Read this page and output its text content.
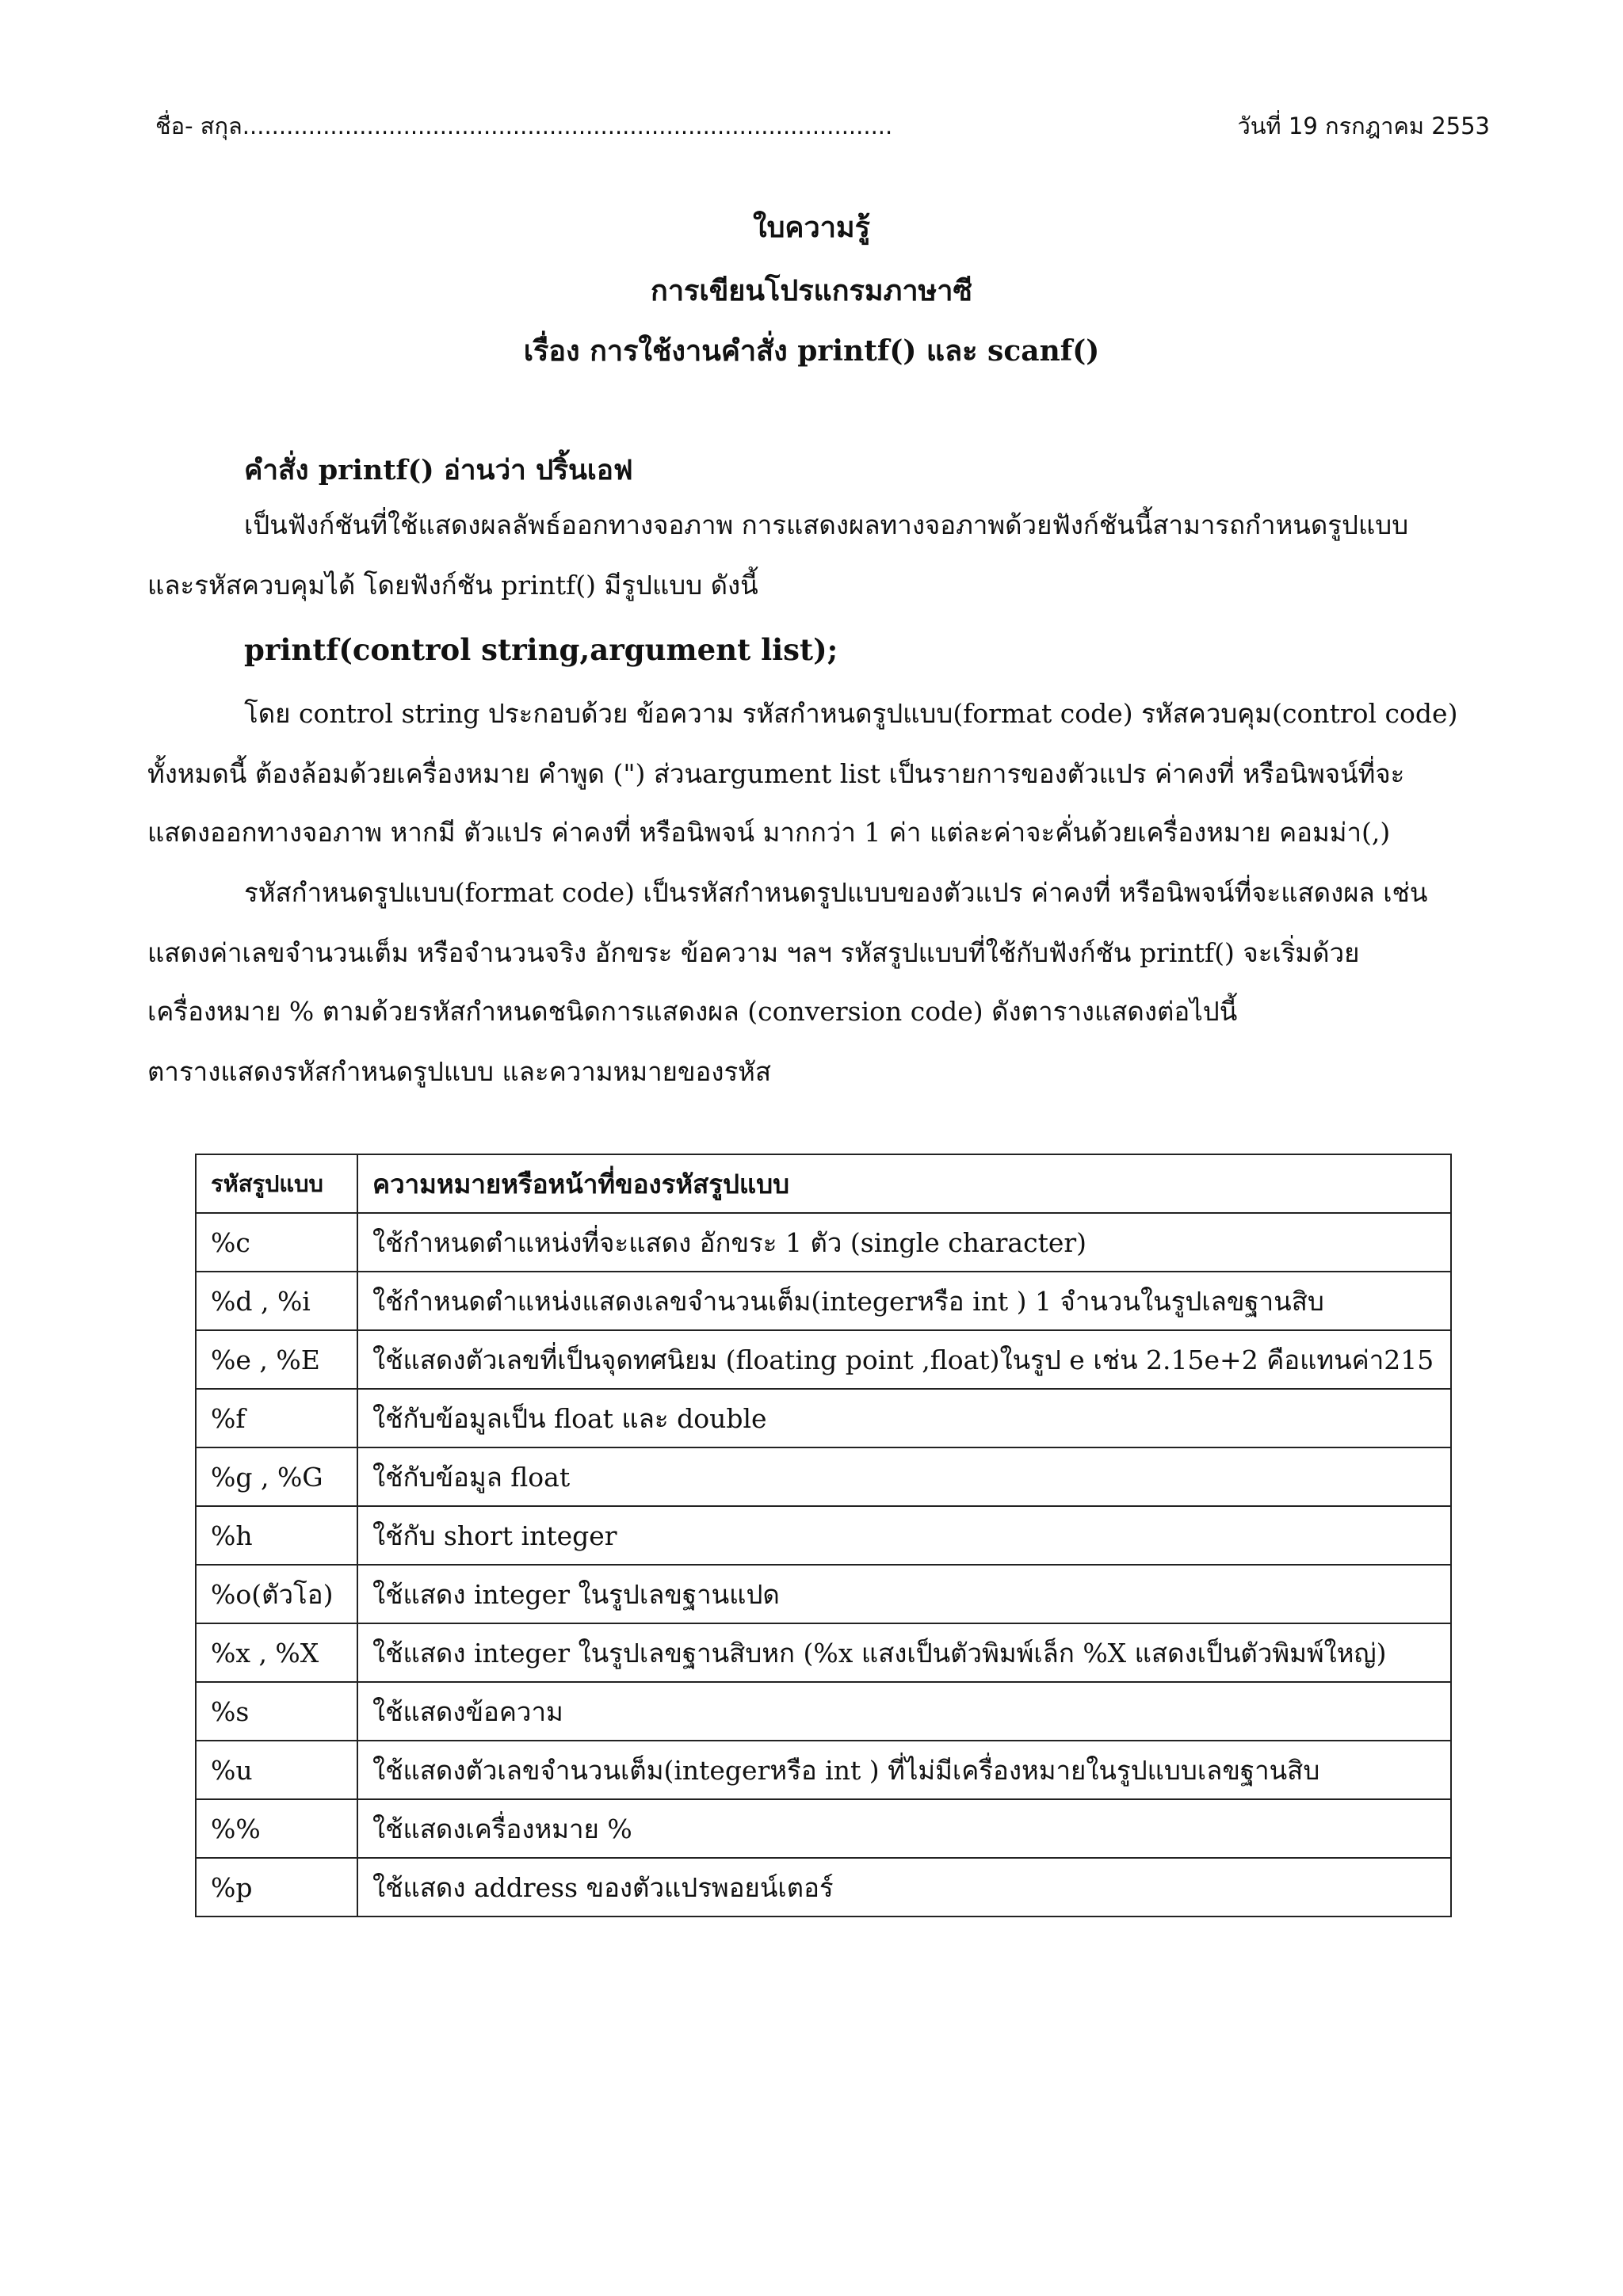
ชื่อ- สกุล.........................................................................................	วันที่ 19 กรกฎาคม 2553
ใบความรู้
การเขียนโปรแกรมภาษาซี
เรื่อง การใช้งานคำสั่ง printf() และ scanf()
คำสั่ง printf() อ่านว่า ปริ้นเอฟ
เป็นฟังก์ชันที่ใช้แสดงผลลัพธ์ออกทางจอภาพ การแสดงผลทางจอภาพด้วยฟังก์ชันนี้สามารถกำหนดรูปแบบ
และรหัสควบคุมได้ โดยฟังก์ชัน printf() มีรูปแบบ ดังนี้
printf(control string,argument list);
โดย control string ประกอบด้วย ข้อความ รหัสกำหนดรูปแบบ(format code) รหัสควบคุม(control code)
ทั้งหมดนี้ ต้องล้อมด้วยเครื่องหมาย คำพูด (") ส่วนargument list เป็นรายการของตัวแปร ค่าคงที่ หรือนิพจน์ที่จะ
แสดงออกทางจอภาพ หากมี ตัวแปร ค่าคงที่ หรือนิพจน์ มากกว่า 1 ค่า แต่ละค่าจะคั่นด้วยเครื่องหมาย คอมม่า(,)
รหัสกำหนดรูปแบบ(format code) เป็นรหัสกำหนดรูปแบบของตัวแปร ค่าคงที่ หรือนิพจน์ที่จะแสดงผล เช่น
แสดงค่าเลขจำนวนเต็ม หรือจำนวนจริง อักขระ ข้อความ ฯลฯ รหัสรูปแบบที่ใช้กับฟังก์ชัน printf() จะเริ่มด้วย
เครื่องหมาย % ตามด้วยรหัสกำหนดชนิดการแสดงผล (conversion code) ดังตารางแสดงต่อไปนี้
ตารางแสดงรหัสกำหนดรูปแบบ และความหมายของรหัส
รหัสรูปแบบ	ความหมายหรือหน้าที่ของรหัสรูปแบบ
%c	ใช้กำหนดตำแหน่งที่จะแสดง อักขระ 1 ตัว (single character)
%d , %i	ใช้กำหนดตำแหน่งแสดงเลขจำนวนเต็ม(integerหรือ int ) 1 จำนวนในรูปเลขฐานสิบ
%e , %E	ใช้แสดงตัวเลขที่เป็นจุดทศนิยม (floating point ,float)ในรูป e เช่น 2.15e+2 คือแทนค่า215
%f	ใช้กับข้อมูลเป็น float และ double
%g , %G	ใช้กับข้อมูล float
%h	ใช้กับ short integer
%o(ตัวโอ)	ใช้แสดง integer ในรูปเลขฐานแปด
%x , %X	ใช้แสดง integer ในรูปเลขฐานสิบหก (%x แสงเป็นตัวพิมพ์เล็ก %X แสดงเป็นตัวพิมพ์ใหญ่)
%s	ใช้แสดงข้อความ
%u	ใช้แสดงตัวเลขจำนวนเต็ม(integerหรือ int ) ที่ไม่มีเครื่องหมายในรูปแบบเลขฐานสิบ
%%	ใช้แสดงเครื่องหมาย %
%p	ใช้แสดง address ของตัวแปรพอยน์เตอร์
